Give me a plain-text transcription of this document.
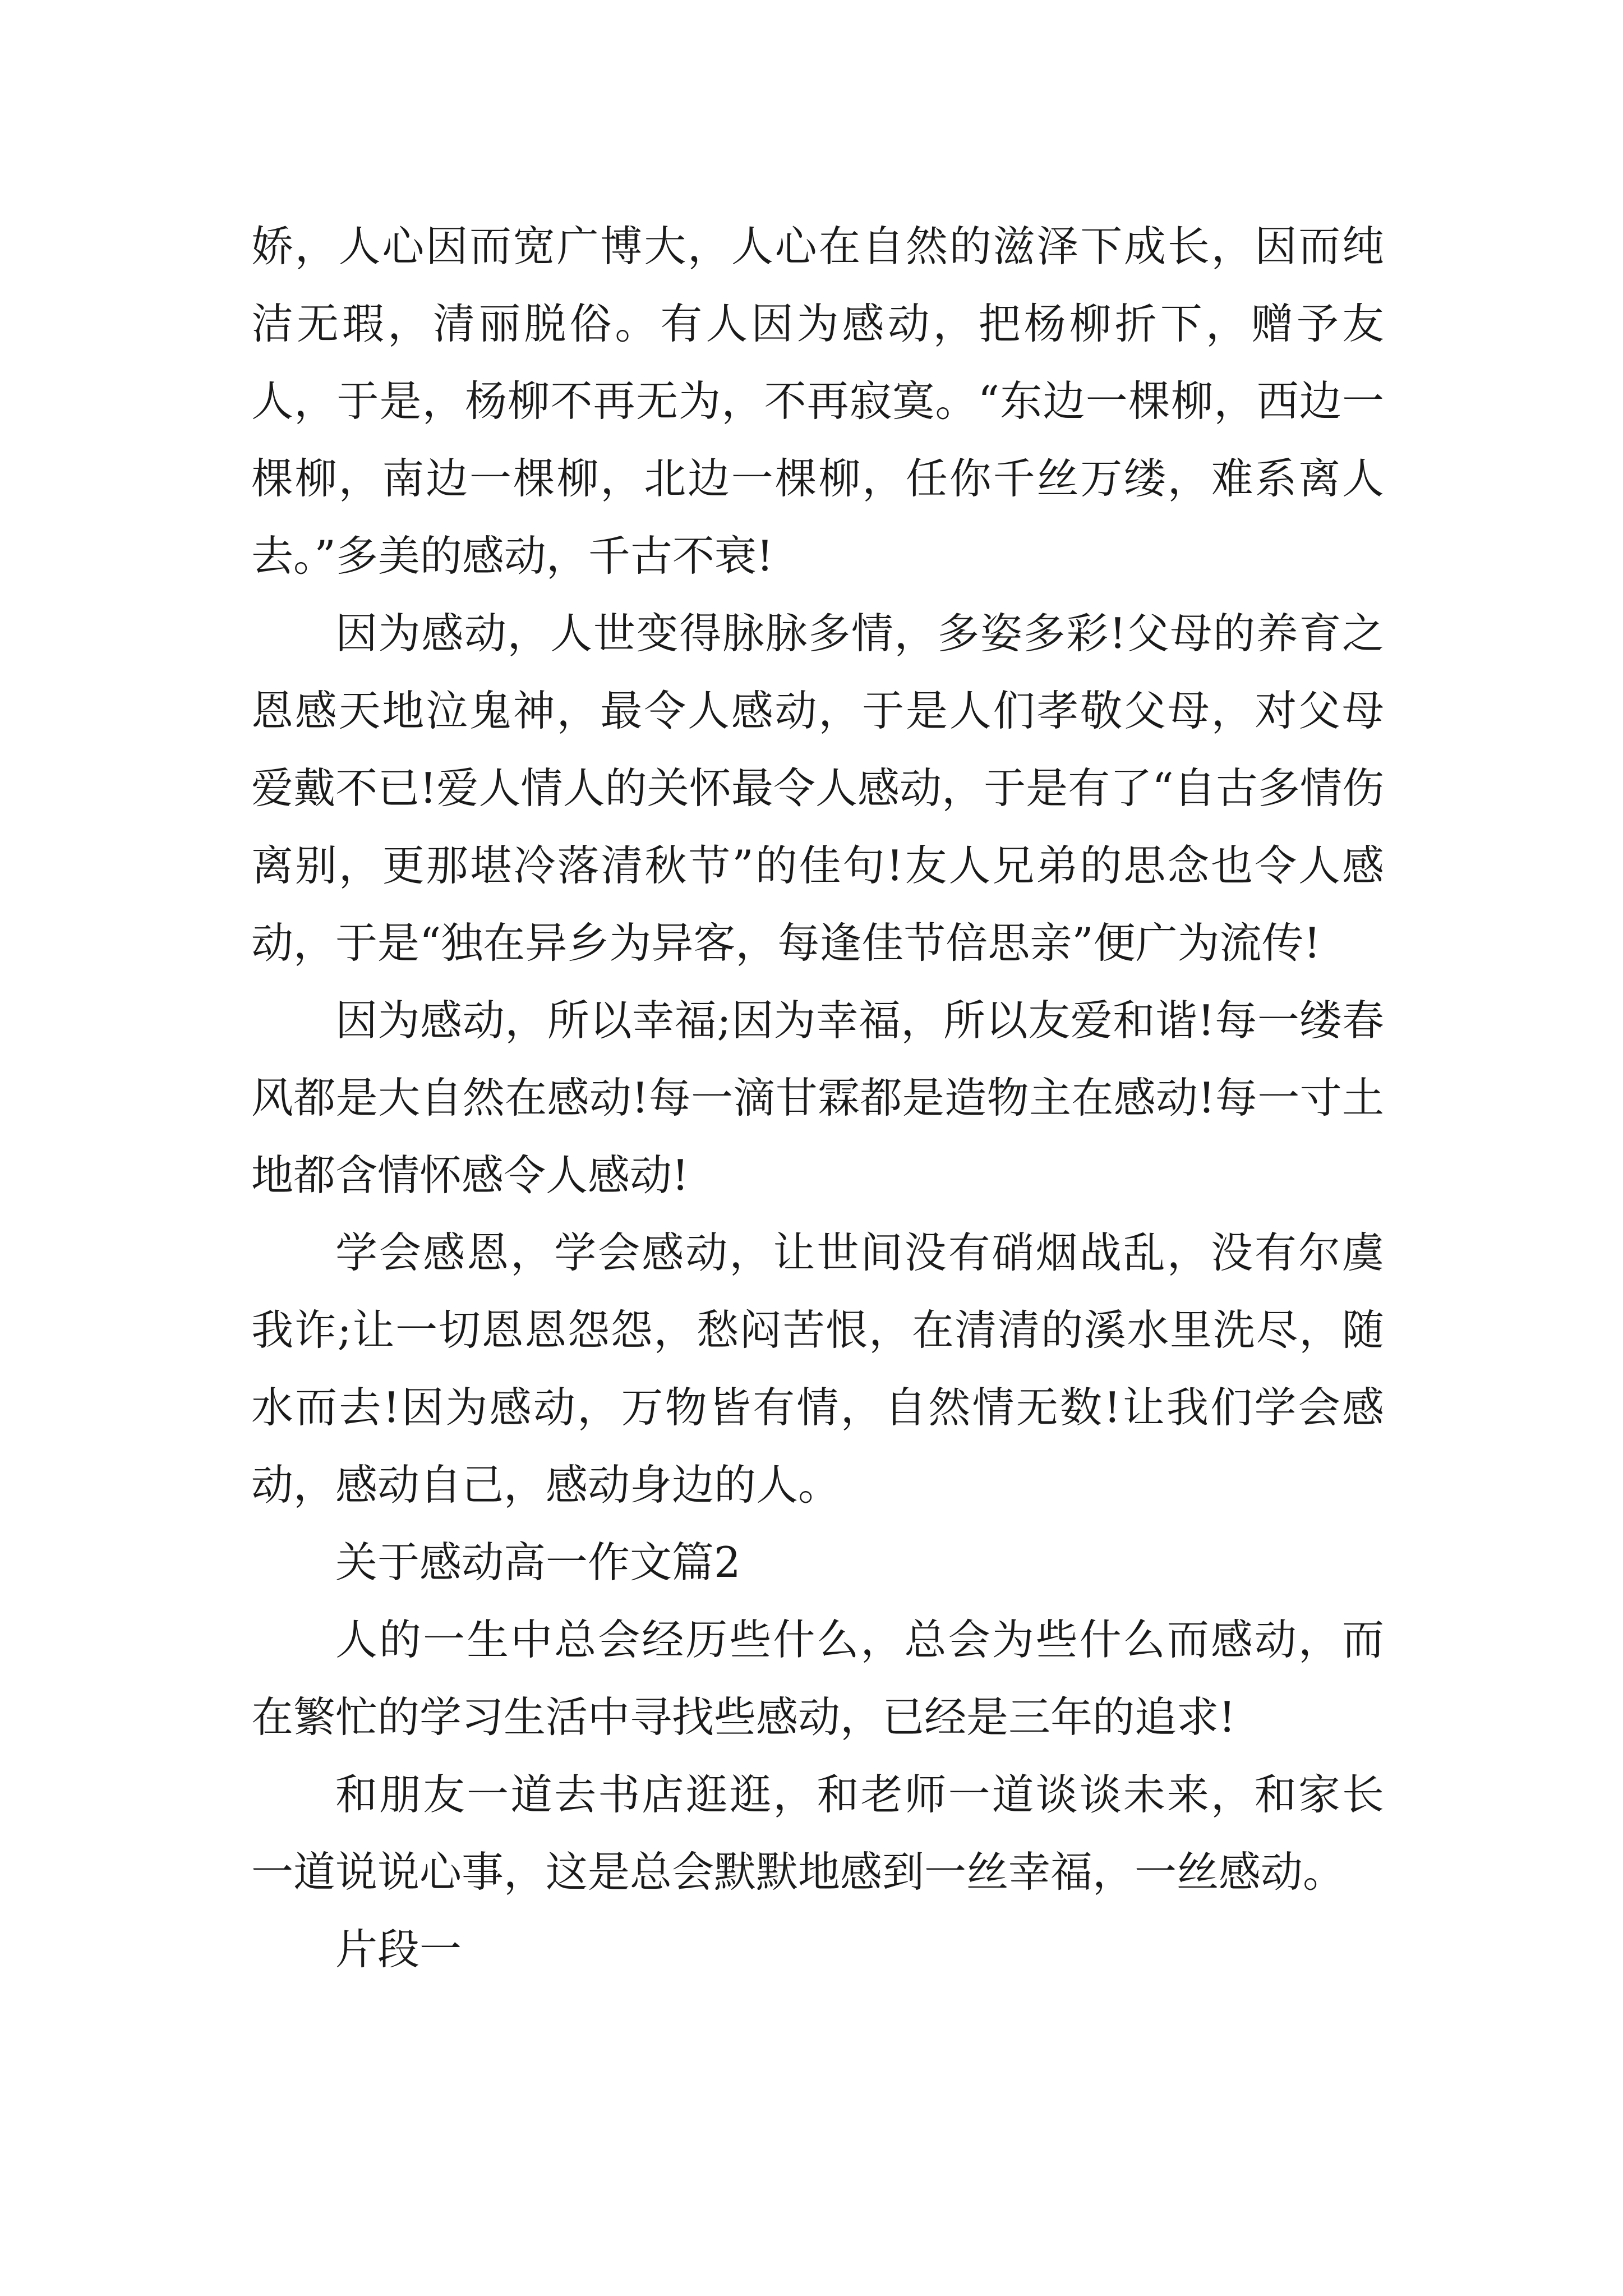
娇，人心因而宽广博大，人心在自然的滋泽下成长，因而纯洁无瑕，清丽脱俗。有人因为感动，把杨柳折下，赠予友人，于是，杨柳不再无为，不再寂寞。“东边一棵柳，西边一棵柳，南边一棵柳，北边一棵柳，任你千丝万缕，难系离人去。”多美的感动，千古不衰!

因为感动，人世变得脉脉多情，多姿多彩!父母的养育之恩感天地泣鬼神，最令人感动，于是人们孝敬父母，对父母爱戴不已!爱人情人的关怀最令人感动，于是有了“自古多情伤离别，更那堪冷落清秋节”的佳句!友人兄弟的思念也令人感动，于是“独在异乡为异客，每逢佳节倍思亲”便广为流传!

因为感动，所以幸福;因为幸福，所以友爱和谐!每一缕春风都是大自然在感动!每一滴甘霖都是造物主在感动!每一寸土地都含情怀感令人感动!

学会感恩，学会感动，让世间没有硝烟战乱，没有尔虞我诈;让一切恩恩怨怨，愁闷苦恨，在清清的溪水里洗尽，随水而去!因为感动，万物皆有情，自然情无数!让我们学会感动，感动自己，感动身边的人。

关于感动高一作文篇2

人的一生中总会经历些什么，总会为些什么而感动，而在繁忙的学习生活中寻找些感动，已经是三年的追求!

和朋友一道去书店逛逛，和老师一道谈谈未来，和家长一道说说心事，这是总会默默地感到一丝幸福，一丝感动。

片段一
